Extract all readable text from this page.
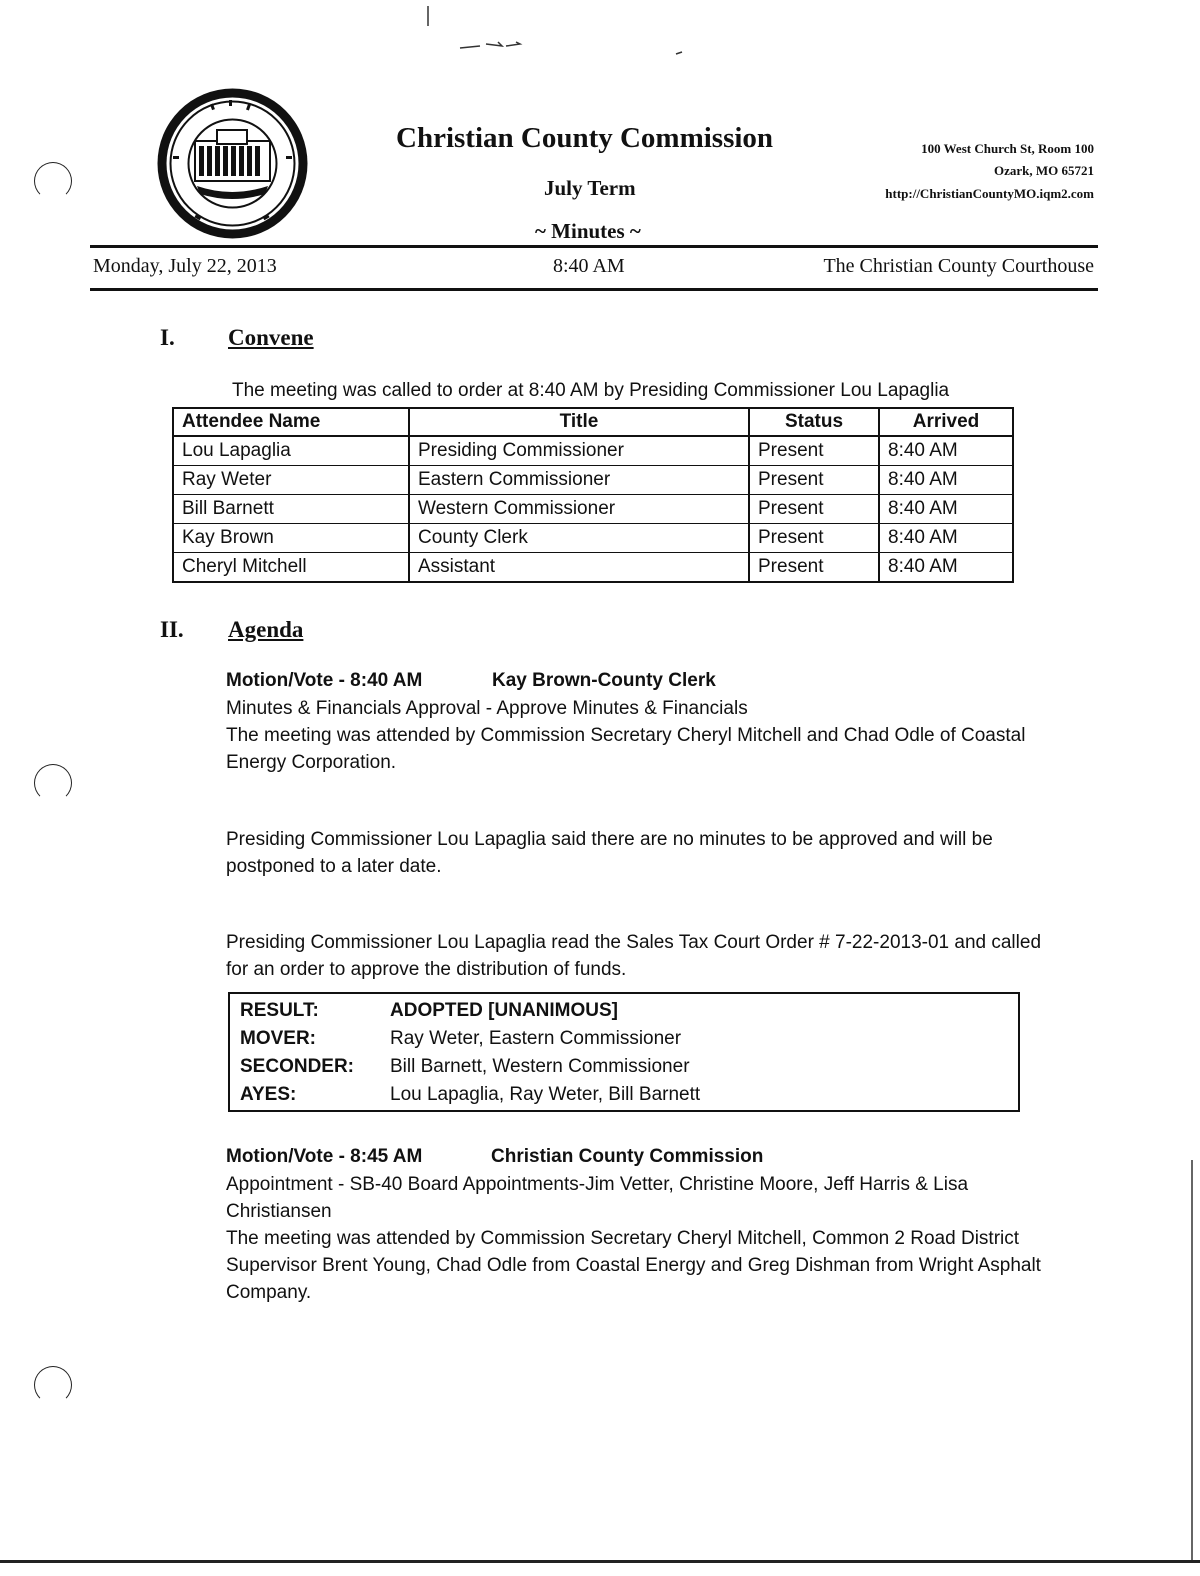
Christian County Commission
July Term
~ Minutes ~
100 West Church St, Room 100
Ozark, MO 65721
http://ChristianCountyMO.iqm2.com
Monday, July 22, 2013	8:40 AM	The Christian County Courthouse
I. Convene
The meeting was called to order at 8:40 AM by Presiding Commissioner Lou Lapaglia
Attendee Name	Title	Status	Arrived
Lou Lapaglia	Presiding Commissioner	Present	8:40 AM
Ray Weter	Eastern Commissioner	Present	8:40 AM
Bill Barnett	Western Commissioner	Present	8:40 AM
Kay Brown	County Clerk	Present	8:40 AM
Cheryl Mitchell	Assistant	Present	8:40 AM
II. Agenda
Motion/Vote - 8:40 AM	Kay Brown-County Clerk
Minutes & Financials Approval - Approve Minutes & Financials
The meeting was attended by Commission Secretary Cheryl Mitchell and Chad Odle of Coastal Energy Corporation.
Presiding Commissioner Lou Lapaglia said there are no minutes to be approved and will be postponed to a later date.
Presiding Commissioner Lou Lapaglia read the Sales Tax Court Order # 7-22-2013-01 and called for an order to approve the distribution of funds.
RESULT:	ADOPTED [UNANIMOUS]
MOVER:	Ray Weter, Eastern Commissioner
SECONDER: Bill Barnett, Western Commissioner
AYES:	Lou Lapaglia, Ray Weter, Bill Barnett
Motion/Vote - 8:45 AM	Christian County Commission
Appointment - SB-40 Board Appointments-Jim Vetter, Christine Moore, Jeff Harris & Lisa Christiansen
The meeting was attended by Commission Secretary Cheryl Mitchell, Common 2 Road District Supervisor Brent Young, Chad Odle from Coastal Energy and Greg Dishman from Wright Asphalt Company.
